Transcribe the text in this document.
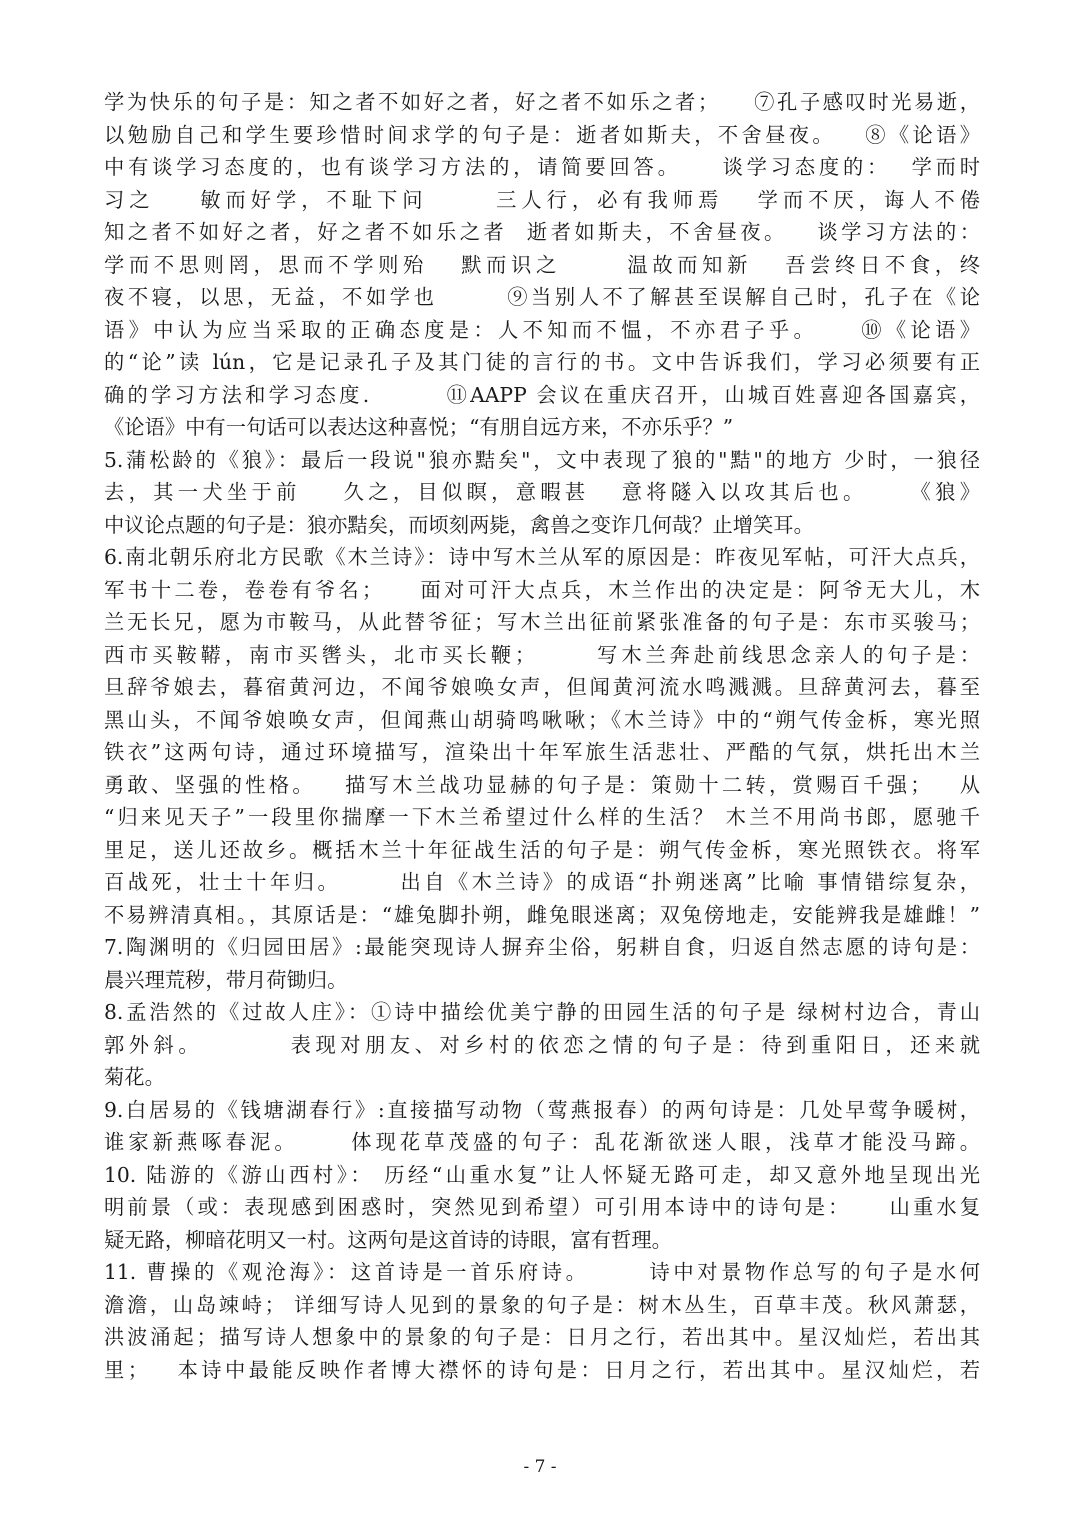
学为快乐的句子是：知之者不如好之者，好之者不如乐之者；    ⑦孔子感叹时光易逝，
以勉励自己和学生要珍惜时间求学的句子是：逝者如斯夫，不舍昼夜。   ⑧《论语》
中有谈学习态度的，也有谈学习方法的，请简要回答。    谈学习态度的：  学而时
习之    敏而好学，不耻下问      三人行，必有我师焉   学而不厌，诲人不倦
知之者不如好之者，好之者不如乐之者  逝者如斯夫，不舍昼夜。   谈学习方法的：
学而不思则罔，思而不学则殆   默而识之      温故而知新   吾尝终日不食，终
夜不寝，以思，无益，不如学也       ⑨当别人不了解甚至误解自己时，孔子在《论
语》中认为应当采取的正确态度是：人不知而不愠，不亦君子乎。    ⑩《论语》
的“论”读 lún，它是记录孔子及其门徒的言行的书。文中告诉我们，学习必须要有正
确的学习方法和学习态度.        ⑪AAPP 会议在重庆召开，山城百姓喜迎各国嘉宾，
《论语》中有一句话可以表达这种喜悦；“有朋自远方来，不亦乐乎？”
5.蒲松龄的《狼》：最后一段说"狼亦黠矣"，文中表现了狼的"黠"的地方 少时，一狼径
去，其一犬坐于前    久之，目似瞑，意暇甚   意将隧入以攻其后也。    《狼》
中议论点题的句子是：狼亦黠矣，而顷刻两毙，禽兽之变诈几何哉？止增笑耳。
6.南北朝乐府北方民歌《木兰诗》：诗中写木兰从军的原因是：昨夜见军帖，可汗大点兵，
军书十二卷，卷卷有爷名；    面对可汗大点兵，木兰作出的决定是：阿爷无大儿，木
兰无长兄，愿为市鞍马，从此替爷征；写木兰出征前紧张准备的句子是：东市买骏马；
西市买鞍鞯，南市买辔头，北市买长鞭；      写木兰奔赴前线思念亲人的句子是：
旦辞爷娘去，暮宿黄河边，不闻爷娘唤女声，但闻黄河流水鸣溅溅。旦辞黄河去，暮至
黑山头，不闻爷娘唤女声，但闻燕山胡骑鸣啾啾；《木兰诗》中的“朔气传金柝，寒光照
铁衣”这两句诗，通过环境描写，渲染出十年军旅生活悲壮、严酷的气氛，烘托出木兰
勇敢、坚强的性格。   描写木兰战功显赫的句子是：策勋十二转，赏赐百千强；   从
“归来见天子”一段里你揣摩一下木兰希望过什么样的生活？ 木兰不用尚书郎，愿驰千
里足，送儿还故乡。概括木兰十年征战生活的句子是：朔气传金柝，寒光照铁衣。将军
百战死，壮士十年归。      出自《木兰诗》的成语“扑朔迷离”比喻 事情错综复杂，
不易辨清真相。，其原话是：“雄兔脚扑朔，雌兔眼迷离；双兔傍地走，安能辨我是雄雌！”
7.陶渊明的《归园田居》:最能突现诗人摒弃尘俗，躬耕自食，归返自然志愿的诗句是：
晨兴理荒秽，带月荷锄归。
8.孟浩然的《过故人庄》：①诗中描绘优美宁静的田园生活的句子是 绿树村边合，青山
郭外斜。        表现对朋友、对乡村的依恋之情的句子是：待到重阳日，还来就
菊花。
9.白居易的《钱塘湖春行》:直接描写动物（莺燕报春）的两句诗是：几处早莺争暖树，
谁家新燕啄春泥。     体现花草茂盛的句子：乱花渐欲迷人眼，浅草才能没马蹄。
10. 陆游的《游山西村》： 历经“山重水复”让人怀疑无路可走，却又意外地呈现出光
明前景（或：表现感到困惑时，突然见到希望）可引用本诗中的诗句是：    山重水复
疑无路，柳暗花明又一村。这两句是这首诗的诗眼，富有哲理。
11. 曹操的《观沧海》：这首诗是一首乐府诗。      诗中对景物作总写的句子是水何
澹澹，山岛竦峙； 详细写诗人见到的景象的句子是：树木丛生，百草丰茂。秋风萧瑟，
洪波涌起；描写诗人想象中的景象的句子是：日月之行，若出其中。星汉灿烂，若出其
里；   本诗中最能反映作者博大襟怀的诗句是：日月之行，若出其中。星汉灿烂，若
- 7 -
